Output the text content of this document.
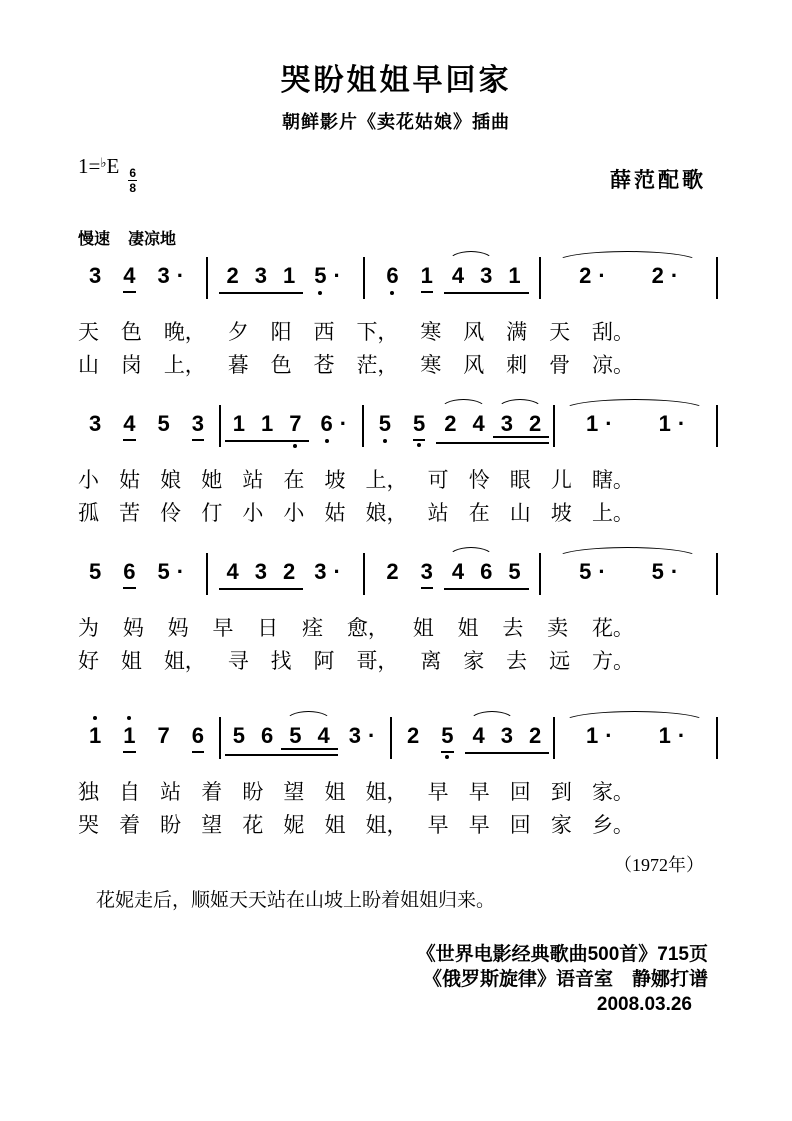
哭盼姐姐早回家
朝鲜影片《卖花姑娘》插曲
1=♭E
$\frac{6}{8}$	薛范配歌
慢速 凄凉地
3 4 3 ·	2 3 1 5 · 6 1 4 3 1	2 · 2 ·
天 色 晚， 夕 阳 西 下， 寒 风 满 天 刮。
山 岗 上， 暮 色 苍 茫， 寒 风 刺 骨 凉。
3 4 5 3	1 1 7 6 · 5 5 2 4 3 2	1 · 1 ·
小 姑 娘 她 站 在 坡 上， 可 怜 眼 儿 瞎。
孤 苦 伶 仃 小 小 姑 娘， 站 在 山 坡 上。
5 6 5 ·	4 3 2 3 · 2 3 4 6 5	5 · 5 ·
为 妈 妈 早 日 痊 愈， 姐 姐 去 卖 花。
好 姐 姐， 寻 找 阿 哥， 离 家 去 远 方。
1 1 7 6	5 6 5 4 3 · 2 5 4 3 2	1 · 1 ·
独 自 站 着 盼 望 姐 姐， 早 早 回 到 家。
哭 着 盼 望 花 妮 姐 姐， 早 早 回 家 乡。
（1972年）
花妮走后，顺姬天天站在山坡上盼着姐姐归来。
《世界电影经典歌曲500首》715页
《俄罗斯旋律》语音室　静娜打谱
2008.03.26
